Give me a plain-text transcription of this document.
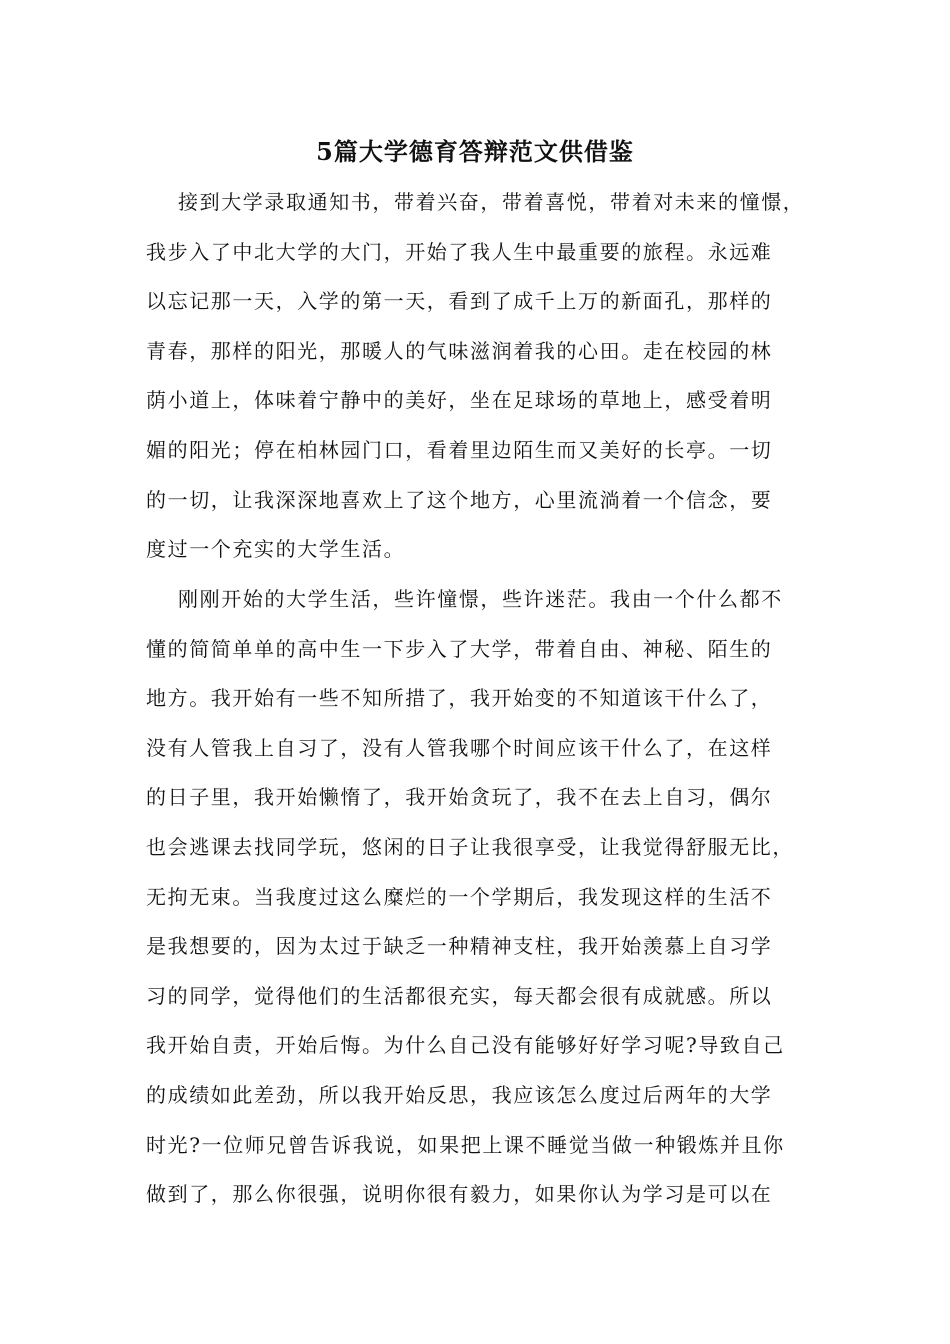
5篇大学德育答辩范文供借鉴
接到大学录取通知书，带着兴奋，带着喜悦，带着对未来的憧憬，
我步入了中北大学的大门，开始了我人生中最重要的旅程。永远难
以忘记那一天，入学的第一天，看到了成千上万的新面孔，那样的
青春，那样的阳光，那暖人的气味滋润着我的心田。走在校园的林
荫小道上，体味着宁静中的美好，坐在足球场的草地上，感受着明
媚的阳光；停在柏林园门口，看着里边陌生而又美好的长亭。一切
的一切，让我深深地喜欢上了这个地方，心里流淌着一个信念，要
度过一个充实的大学生活。
刚刚开始的大学生活，些许憧憬，些许迷茫。我由一个什么都不
懂的简简单单的高中生一下步入了大学，带着自由、神秘、陌生的
地方。我开始有一些不知所措了，我开始变的不知道该干什么了，
没有人管我上自习了，没有人管我哪个时间应该干什么了，在这样
的日子里，我开始懒惰了，我开始贪玩了，我不在去上自习，偶尔
也会逃课去找同学玩，悠闲的日子让我很享受，让我觉得舒服无比，
无拘无束。当我度过这么糜烂的一个学期后，我发现这样的生活不
是我想要的，因为太过于缺乏一种精神支柱，我开始羡慕上自习学
习的同学，觉得他们的生活都很充实，每天都会很有成就感。所以
我开始自责，开始后悔。为什么自己没有能够好好学习呢?导致自己
的成绩如此差劲，所以我开始反思，我应该怎么度过后两年的大学
时光?一位师兄曾告诉我说，如果把上课不睡觉当做一种锻炼并且你
做到了，那么你很强，说明你很有毅力，如果你认为学习是可以在
